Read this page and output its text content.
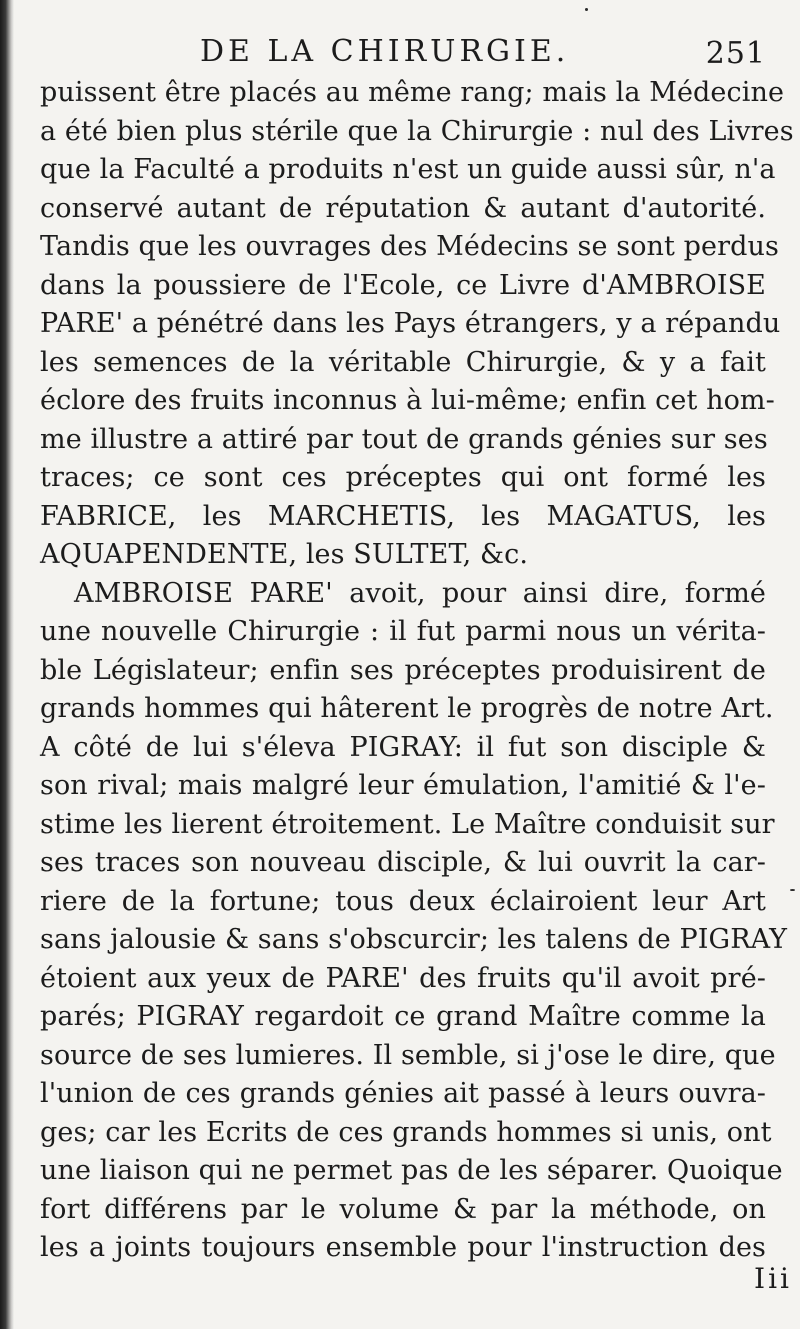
DE LA CHIRURGIE.	251
puissent être placés au même rang; mais la Médecine
a été bien plus stérile que la Chirurgie : nul des Livres
que la Faculté a produits n'est un guide aussi sûr, n'a
conservé autant de réputation & autant d'autorité.
Tandis que les ouvrages des Médecins se sont perdus
dans la poussiere de l'Ecole, ce Livre d'AMBROISE
PARE' a pénétré dans les Pays étrangers, y a répandu
les semences de la véritable Chirurgie, & y a fait
éclore des fruits inconnus à lui-même; enfin cet hom-
me illustre a attiré par tout de grands génies sur ses
traces; ce sont ces préceptes qui ont formé les
FABRICE, les MARCHETIS, les MAGATUS, les
AQUAPENDENTE, les SULTET, &c.
AMBROISE PARE' avoit, pour ainsi dire, formé
une nouvelle Chirurgie : il fut parmi nous un vérita-
ble Législateur; enfin ses préceptes produisirent de
grands hommes qui hâterent le progrès de notre Art.
A côté de lui s'éleva PIGRAY: il fut son disciple &
son rival; mais malgré leur émulation, l'amitié & l'e-
stime les lierent étroitement. Le Maître conduisit sur
ses traces son nouveau disciple, & lui ouvrit la car-
riere de la fortune; tous deux éclairoient leur Art
sans jalousie & sans s'obscurcir; les talens de PIGRAY
étoient aux yeux de PARE' des fruits qu'il avoit pré-
parés; PIGRAY regardoit ce grand Maître comme la
source de ses lumieres. Il semble, si j'ose le dire, que
l'union de ces grands génies ait passé à leurs ouvra-
ges; car les Ecrits de ces grands hommes si unis, ont
une liaison qui ne permet pas de les séparer. Quoique
fort différens par le volume & par la méthode, on
les a joints toujours ensemble pour l'instruction des
Iii
